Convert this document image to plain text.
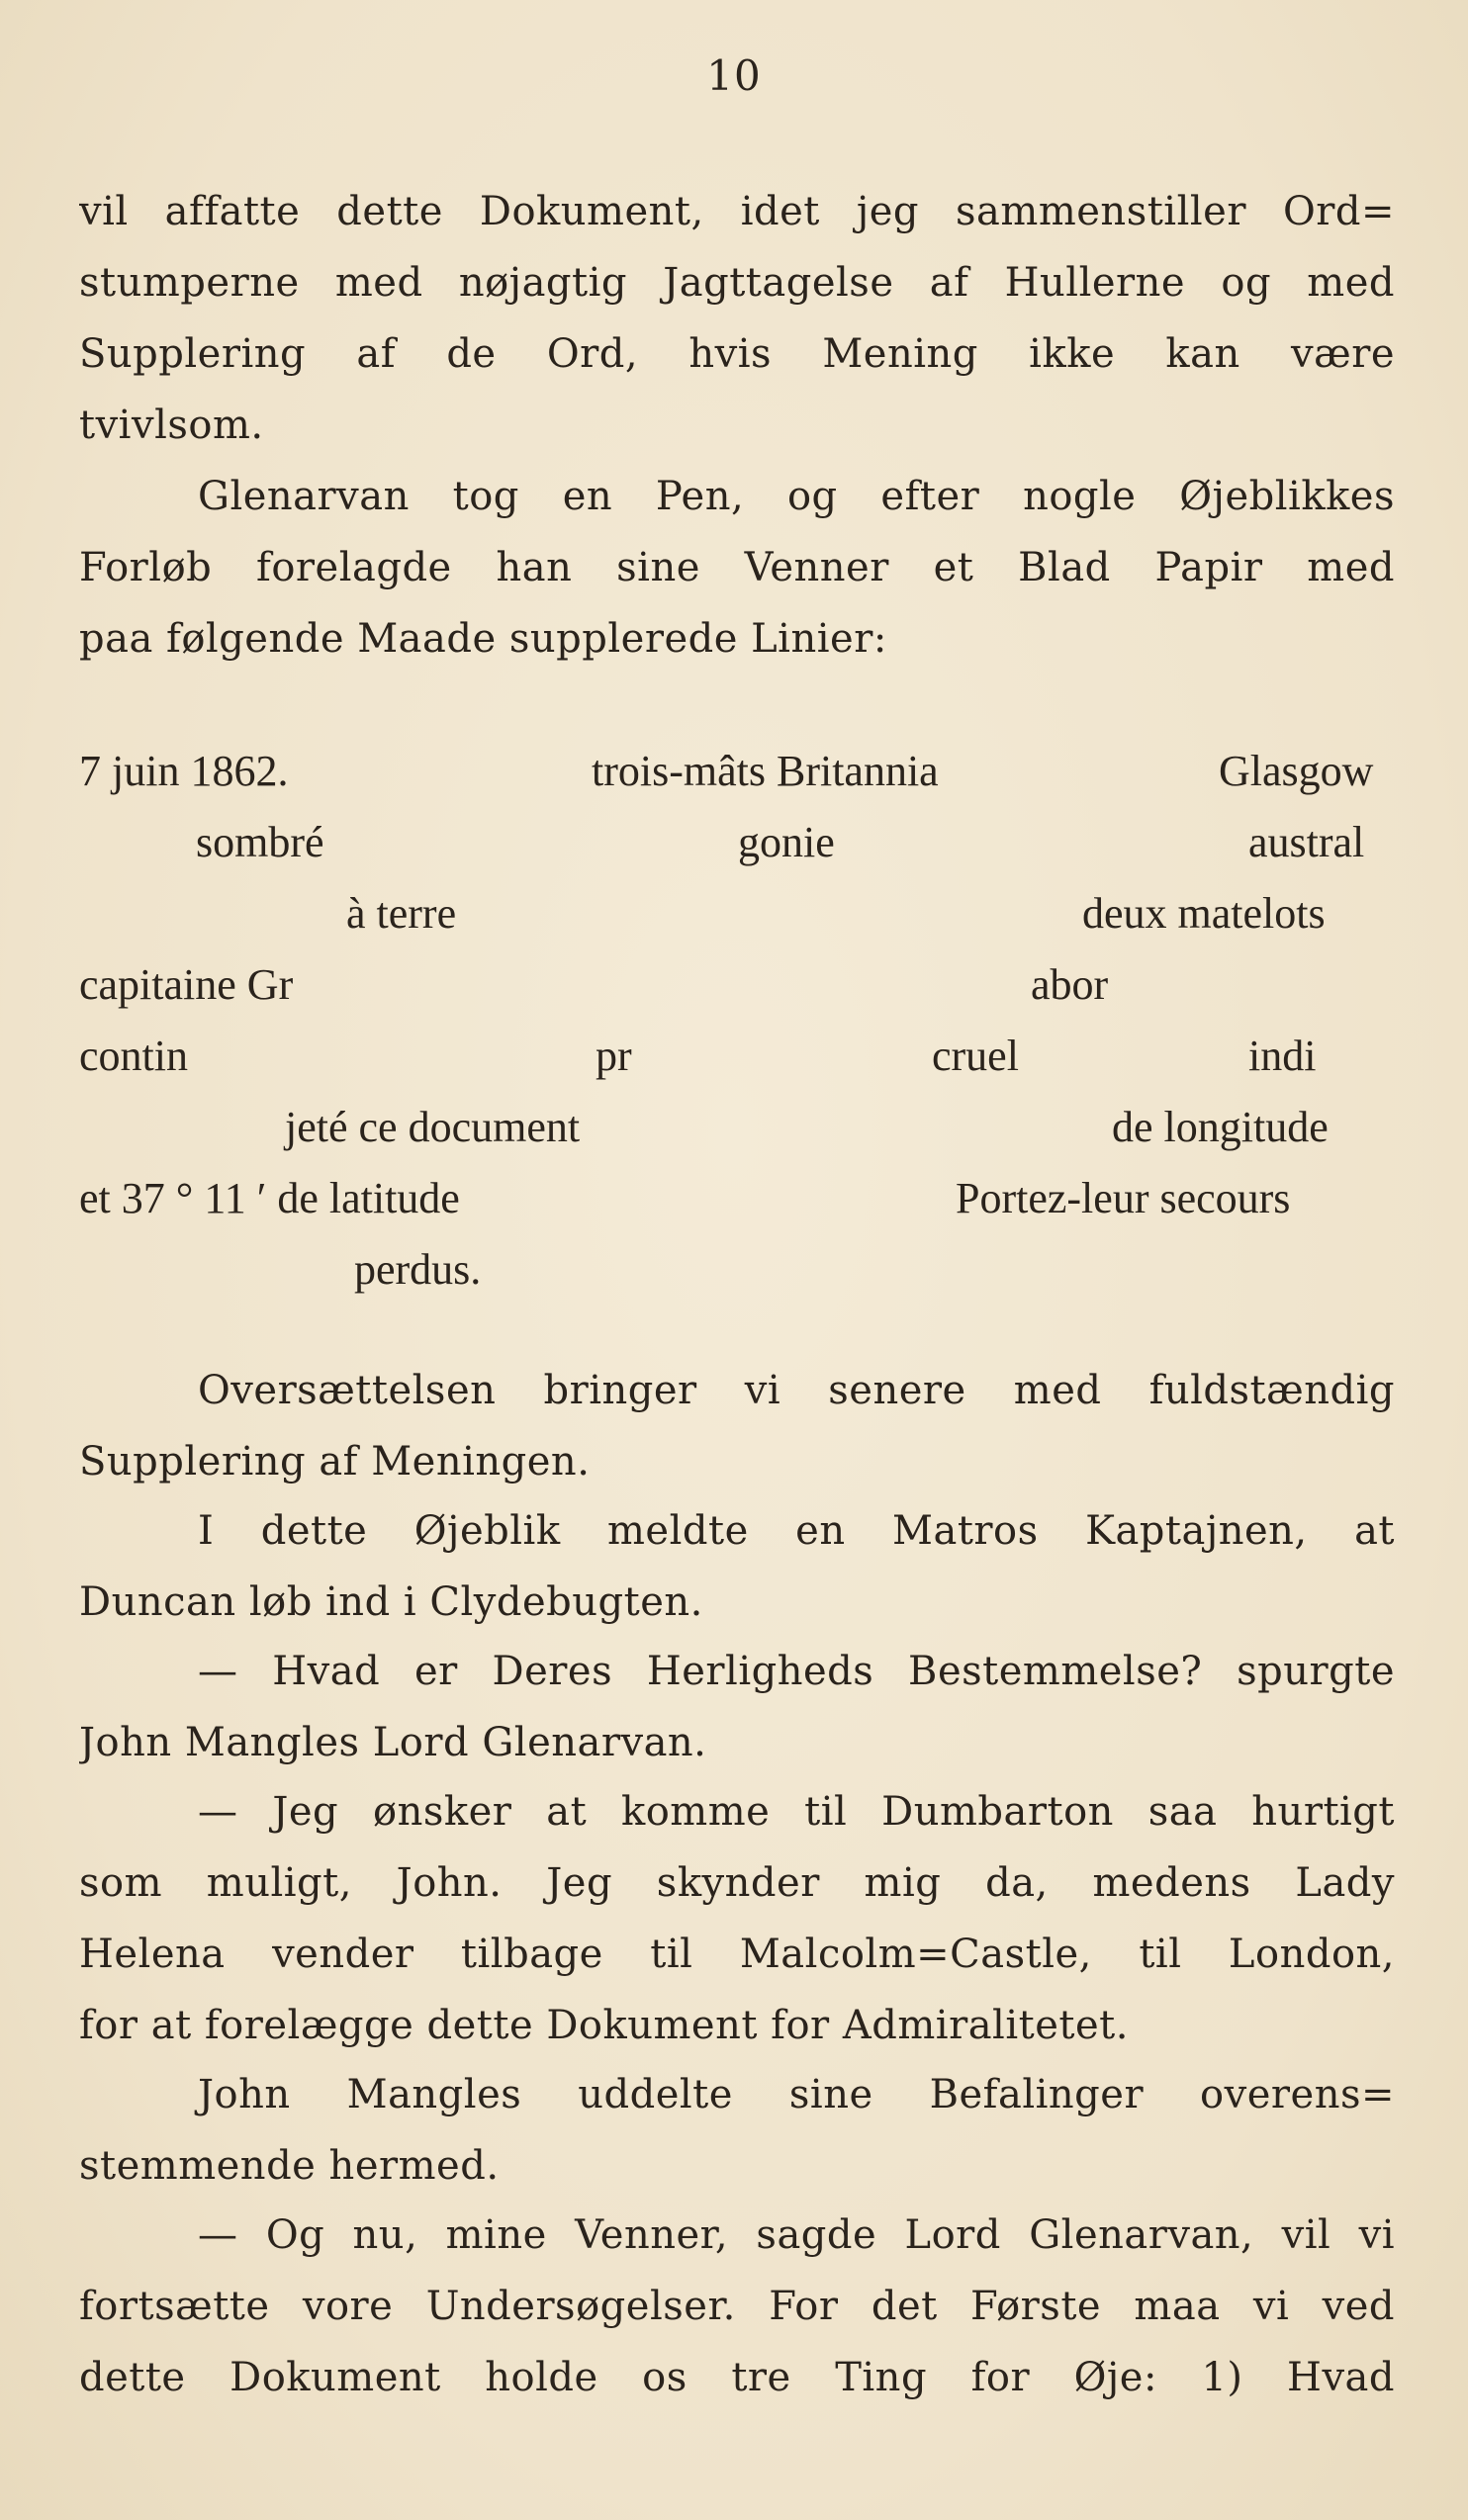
10
vil affatte dette Dokument, idet jeg sammenstiller Ord=
stumperne med nøjagtig Jagttagelse af Hullerne og med
Supplering af de Ord, hvis Mening ikke kan være
tvivlsom.
Glenarvan tog en Pen, og efter nogle Øjeblikkes
Forløb forelagde han sine Venner et Blad Papir med
paa følgende Maade supplerede Linier:
7 juin 1862.	trois-mâts Britannia	Glasgow
sombré	gonie	austral
à terre	deux matelots
capitaine Gr	abor
contin	pr	cruel	indi
jeté ce document	de longitude
et 37 ° 11 ′ de latitude	Portez-leur secours
perdus.
Oversættelsen bringer vi senere med fuldstændig
Supplering af Meningen.
I dette Øjeblik meldte en Matros Kaptajnen, at
Duncan løb ind i Clydebugten.
— Hvad er Deres Herligheds Bestemmelse? spurgte
John Mangles Lord Glenarvan.
— Jeg ønsker at komme til Dumbarton saa hurtigt
som muligt, John. Jeg skynder mig da, medens Lady
Helena vender tilbage til Malcolm=Castle, til London,
for at forelægge dette Dokument for Admiralitetet.
John Mangles uddelte sine Befalinger overens=
stemmende hermed.
— Og nu, mine Venner, sagde Lord Glenarvan, vil vi
fortsætte vore Undersøgelser. For det Første maa vi ved
dette Dokument holde os tre Ting for Øje: 1) Hvad
